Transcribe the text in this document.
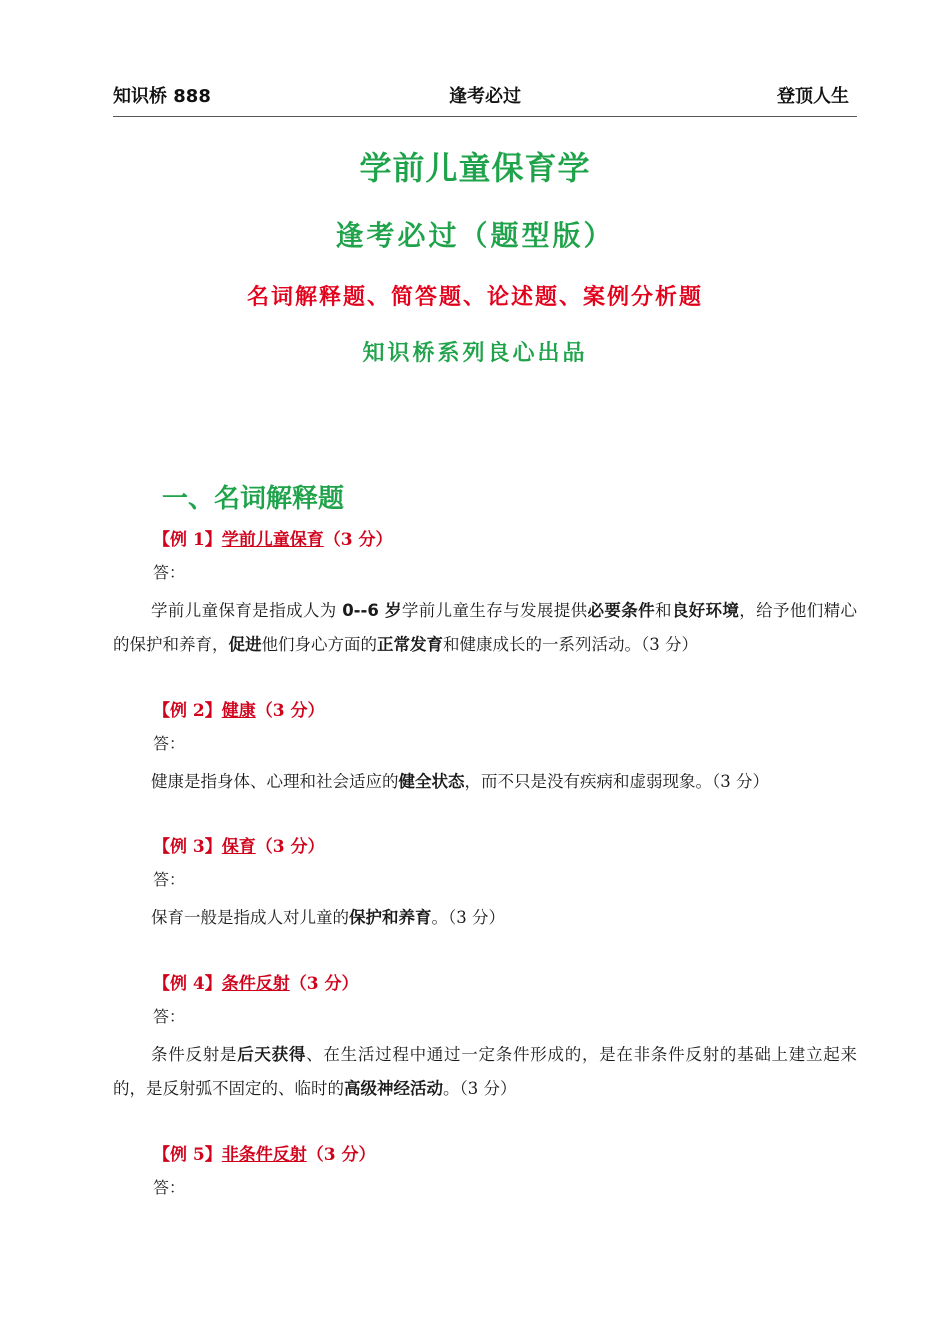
知识桥 888	逢考必过	登顶人生
学前儿童保育学
逢考必过（题型版）
名词解释题、简答题、论述题、案例分析题
知识桥系列良心出品
一、名词解释题
【例 1】学前儿童保育（3 分）
答：
学前儿童保育是指成人为 0--6 岁学前儿童生存与发展提供必要条件和良好环境，给予他们精心的保护和养育，促进他们身心方面的正常发育和健康成长的一系列活动。（3 分）
【例 2】健康（3 分）
答：
健康是指身体、心理和社会适应的健全状态，而不只是没有疾病和虚弱现象。（3 分）
【例 3】保育（3 分）
答：
保育一般是指成人对儿童的保护和养育。（3 分）
【例 4】条件反射（3 分）
答：
条件反射是后天获得、在生活过程中通过一定条件形成的，是在非条件反射的基础上建立起来的，是反射弧不固定的、临时的高级神经活动。（3 分）
【例 5】非条件反射（3 分）
答：
